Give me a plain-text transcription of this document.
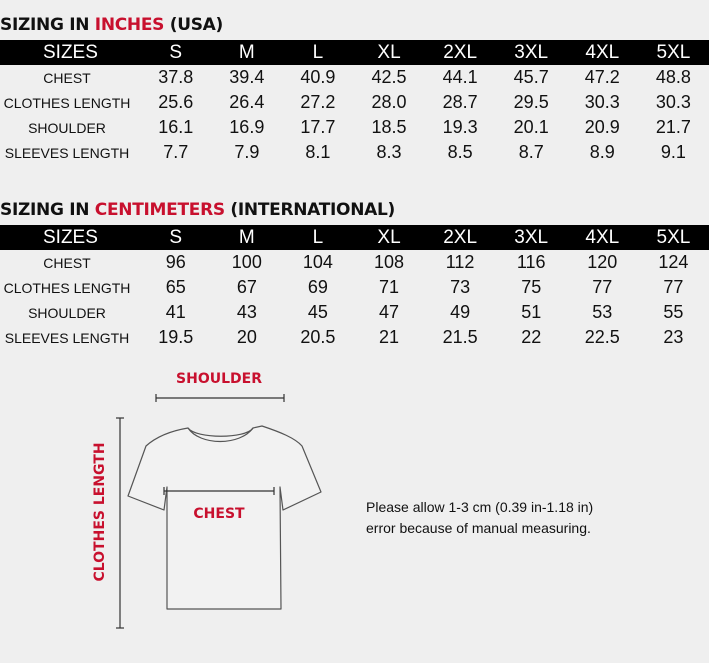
SIZING IN INCHES (USA)
SIZES	S	M	L	XL	2XL	3XL	4XL	5XL
CHEST	37.8	39.4	40.9	42.5	44.1	45.7	47.2	48.8
CLOTHES LENGTH	25.6	26.4	27.2	28.0	28.7	29.5	30.3	30.3
SHOULDER	16.1	16.9	17.7	18.5	19.3	20.1	20.9	21.7
SLEEVES LENGTH	7.7	7.9	8.1	8.3	8.5	8.7	8.9	9.1
SIZING IN CENTIMETERS (INTERNATIONAL)
SIZES	S	M	L	XL	2XL	3XL	4XL	5XL
CHEST	96	100	104	108	112	116	120	124
CLOTHES LENGTH	65	67	69	71	73	75	77	77
SHOULDER	41	43	45	47	49	51	53	55
SLEEVES LENGTH	19.5	20	20.5	21	21.5	22	22.5	23
SHOULDER
CLOTHES LENGTH	CHEST	Please allow 1-3 cm (0.39 in-1.18 in)
error because of manual measuring.
